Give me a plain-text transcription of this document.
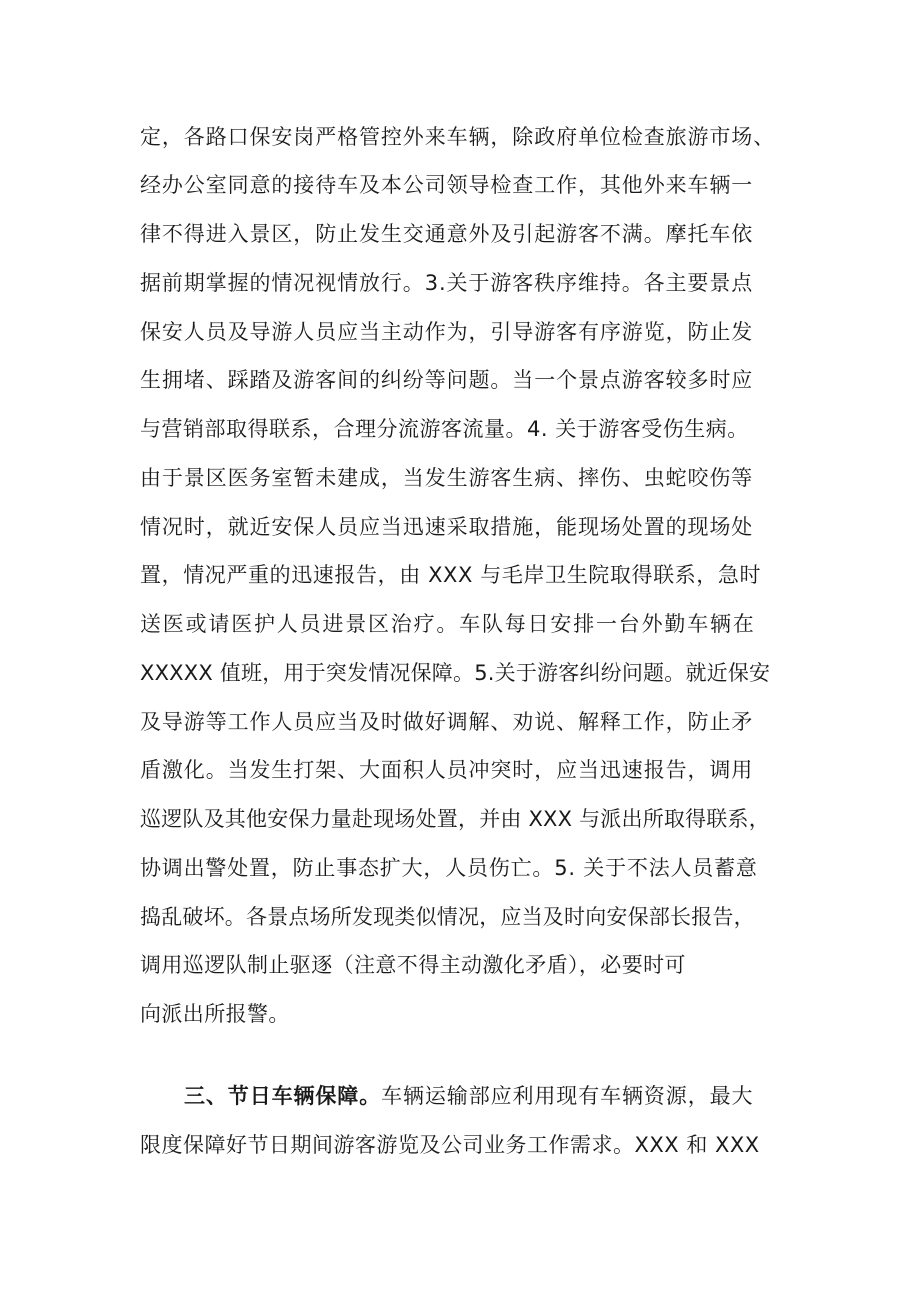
定，各路口保安岗严格管控外来车辆，除政府单位检查旅游市场、
经办公室同意的接待车及本公司领导检查工作，其他外来车辆一
律不得进入景区，防止发生交通意外及引起游客不满。摩托车依
据前期掌握的情况视情放行。3.关于游客秩序维持。各主要景点
保安人员及导游人员应当主动作为，引导游客有序游览，防止发
生拥堵、踩踏及游客间的纠纷等问题。当一个景点游客较多时应
与营销部取得联系，合理分流游客流量。4. 关于游客受伤生病。
由于景区医务室暂未建成，当发生游客生病、摔伤、虫蛇咬伤等
情况时，就近安保人员应当迅速采取措施，能现场处置的现场处
置，情况严重的迅速报告，由 XXX 与毛岸卫生院取得联系，急时
送医或请医护人员进景区治疗。车队每日安排一台外勤车辆在
XXXXX 值班，用于突发情况保障。5.关于游客纠纷问题。就近保安
及导游等工作人员应当及时做好调解、劝说、解释工作，防止矛
盾激化。当发生打架、大面积人员冲突时，应当迅速报告，调用
巡逻队及其他安保力量赴现场处置，并由 XXX 与派出所取得联系，
协调出警处置，防止事态扩大，人员伤亡。5. 关于不法人员蓄意
捣乱破坏。各景点场所发现类似情况，应当及时向安保部长报告，
调用巡逻队制止驱逐（注意不得主动激化矛盾），必要时可
向派出所报警。
三、节日车辆保障。车辆运输部应利用现有车辆资源，最大
限度保障好节日期间游客游览及公司业务工作需求。XXX 和 XXX
